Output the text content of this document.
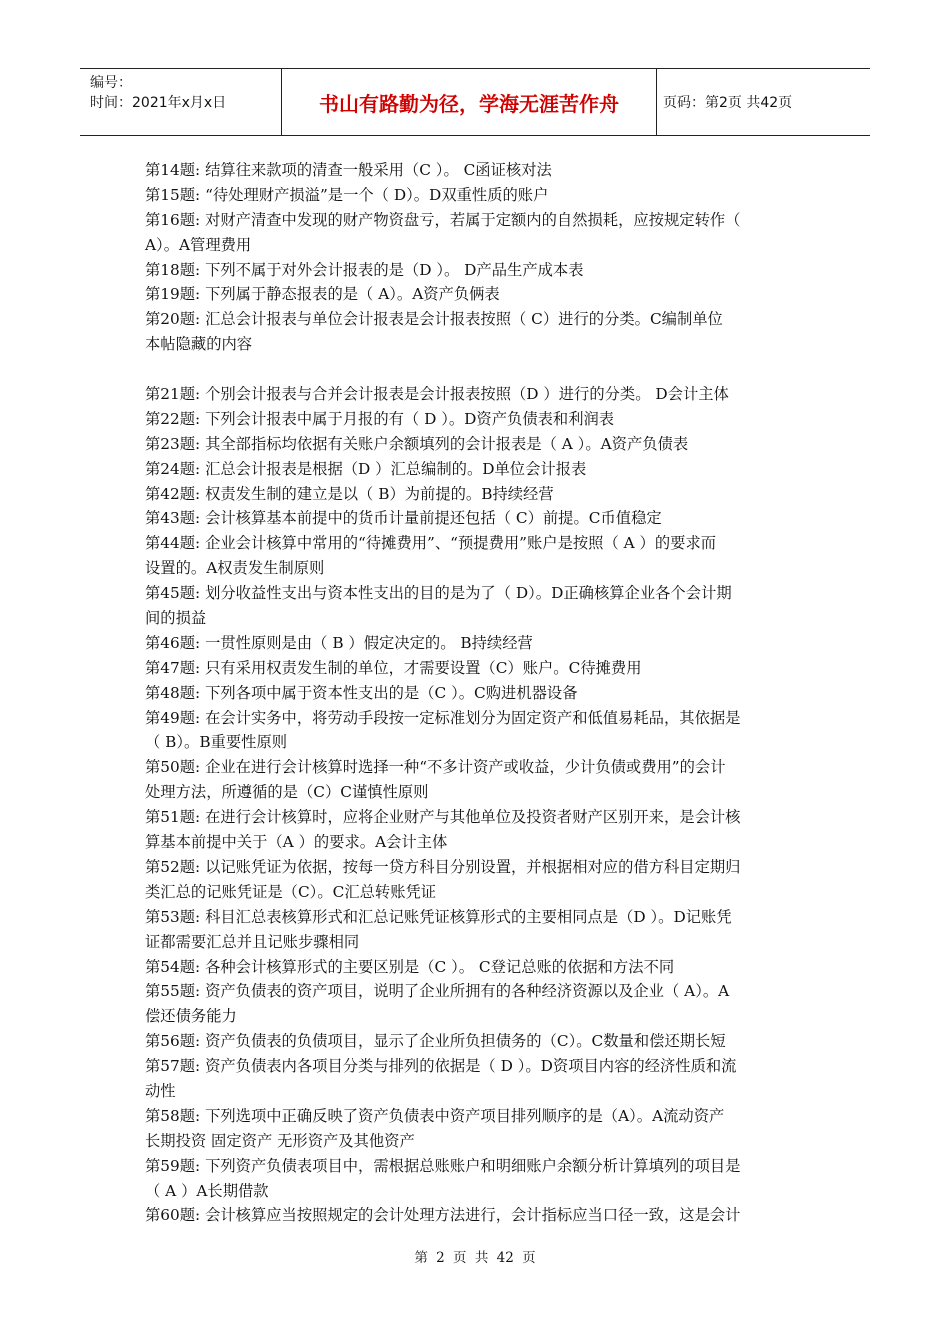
编号：
时间：2021年x月x日	书山有路勤为径，学海无涯苦作舟	页码：第2页 共42页
第14题: 结算往来款项的清查一般采用（C ）。 C函证核对法
第15题: “待处理财产损溢”是一个（ D）。D双重性质的账户
第16题: 对财产清查中发现的财产物资盘亏，若属于定额内的自然损耗，应按规定转作（
A）。A管理费用
第18题: 下列不属于对外会计报表的是（D ）。 D产品生产成本表
第19题: 下列属于静态报表的是（ A）。A资产负俩表
第20题: 汇总会计报表与单位会计报表是会计报表按照（ C）进行的分类。C编制单位
本帖隐藏的内容
第21题: 个别会计报表与合并会计报表是会计报表按照（D ）进行的分类。 D会计主体
第22题: 下列会计报表中属于月报的有（ D ）。D资产负债表和利润表
第23题: 其全部指标均依据有关账户余额填列的会计报表是（ A ）。A资产负债表
第24题: 汇总会计报表是根据（D ）汇总编制的。D单位会计报表
第42题: 权责发生制的建立是以（ B）为前提的。B持续经营
第43题: 会计核算基本前提中的货币计量前提还包括（ C）前提。C币值稳定
第44题: 企业会计核算中常用的“待摊费用”、“预提费用”账户是按照（ A ）的要求而
设置的。A权责发生制原则
第45题: 划分收益性支出与资本性支出的目的是为了（ D）。D正确核算企业各个会计期
间的损益
第46题: 一贯性原则是由（ B ）假定决定的。 B持续经营
第47题: 只有采用权责发生制的单位，才需要设置（C）账户。C待摊费用
第48题: 下列各项中属于资本性支出的是（C ）。C购进机器设备
第49题: 在会计实务中，将劳动手段按一定标准划分为固定资产和低值易耗品，其依据是
（ B）。B重要性原则
第50题: 企业在进行会计核算时选择一种“不多计资产或收益，少计负债或费用”的会计
处理方法，所遵循的是（C）C谨慎性原则
第51题: 在进行会计核算时，应将企业财产与其他单位及投资者财产区别开来，是会计核
算基本前提中关于（A ）的要求。A会计主体
第52题: 以记账凭证为依据，按每一贷方科目分别设置，并根据相对应的借方科目定期归
类汇总的记账凭证是（C）。C汇总转账凭证
第53题: 科目汇总表核算形式和汇总记账凭证核算形式的主要相同点是（D ）。D记账凭
证都需要汇总并且记账步骤相同
第54题: 各种会计核算形式的主要区别是（C ）。 C登记总账的依据和方法不同
第55题: 资产负债表的资产项目，说明了企业所拥有的各种经济资源以及企业（ A）。A
偿还债务能力
第56题: 资产负债表的负债项目，显示了企业所负担债务的（C）。C数量和偿还期长短
第57题: 资产负债表内各项目分类与排列的依据是（ D ）。D资项目内容的经济性质和流
动性
第58题: 下列选项中正确反映了资产负债表中资产项目排列顺序的是（A）。A流动资产
长期投资 固定资产 无形资产及其他资产
第59题: 下列资产负债表项目中，需根据总账账户和明细账户余额分析计算填列的项目是
（ A ）A长期借款
第60题: 会计核算应当按照规定的会计处理方法进行，会计指标应当口径一致，这是会计
第 2 页 共 42 页
